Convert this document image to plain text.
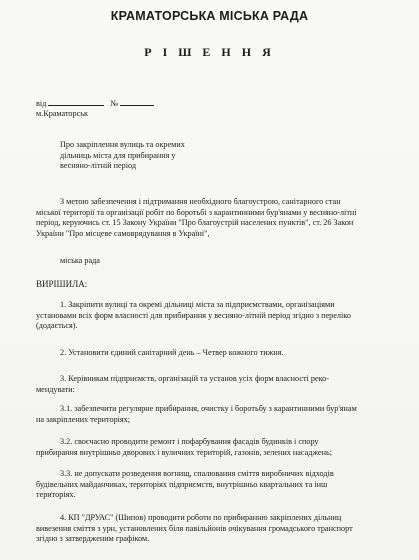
КРАМАТОРСЬКА МІСЬКА РАДА
Р І Ш Е Н Н Я
від	№
м.Краматорськ

Про закріплення вулиць та окремих

дільниць міста для прибирання у

весняно-літній період

З метою забезпечення і підтримання необхідного благоустрою, санітарного стан

міської території та організації робіт по боротьбі з карантинними бур'янами у весняно-літні

період, керуючись ст. 15 Закону України "Про благоустрій населених пунктів", ст. 26 Закон

України "Про місцеве самоврядування в Україні",

міська рада
ВИРІШИЛА:

1. Закріпити вулиці та окремі дільниці міста за підприємствами, організаціями

установами всіх форм власності для прибирання у весняно-літній період згідно з переліко

(додається).

2. Установити єдиний санітарний день – Четвер кожного тижня.

3. Керівникам підприємств, організацій та установ усіх форм власності реко-

мендувати:

3.1. забезпечити регулярне прибирання, очистку і боротьбу з карантинними бур'янам

на закріплених територіях;

3.2. своєчасно проводити ремонт і пофарбування фасадів будинків і спору

прибирання внутрішньо дворових і вуличних територій, газонів, зелених насаджень;

3.3. не допускати розведення вогнищ, спалювання сміття виробничих відходів

будівельних майданчиках, територіях підприємств, внутрішньо квартальних та інш

територіях.

4. КП "ДРУАС" (Шипов) проводити роботи по прибиранню закріплених дільниц

вивезення сміття з урн, установлених біля павільйонів очікування громадського транспорт

згідно з затвердженим графіком.
